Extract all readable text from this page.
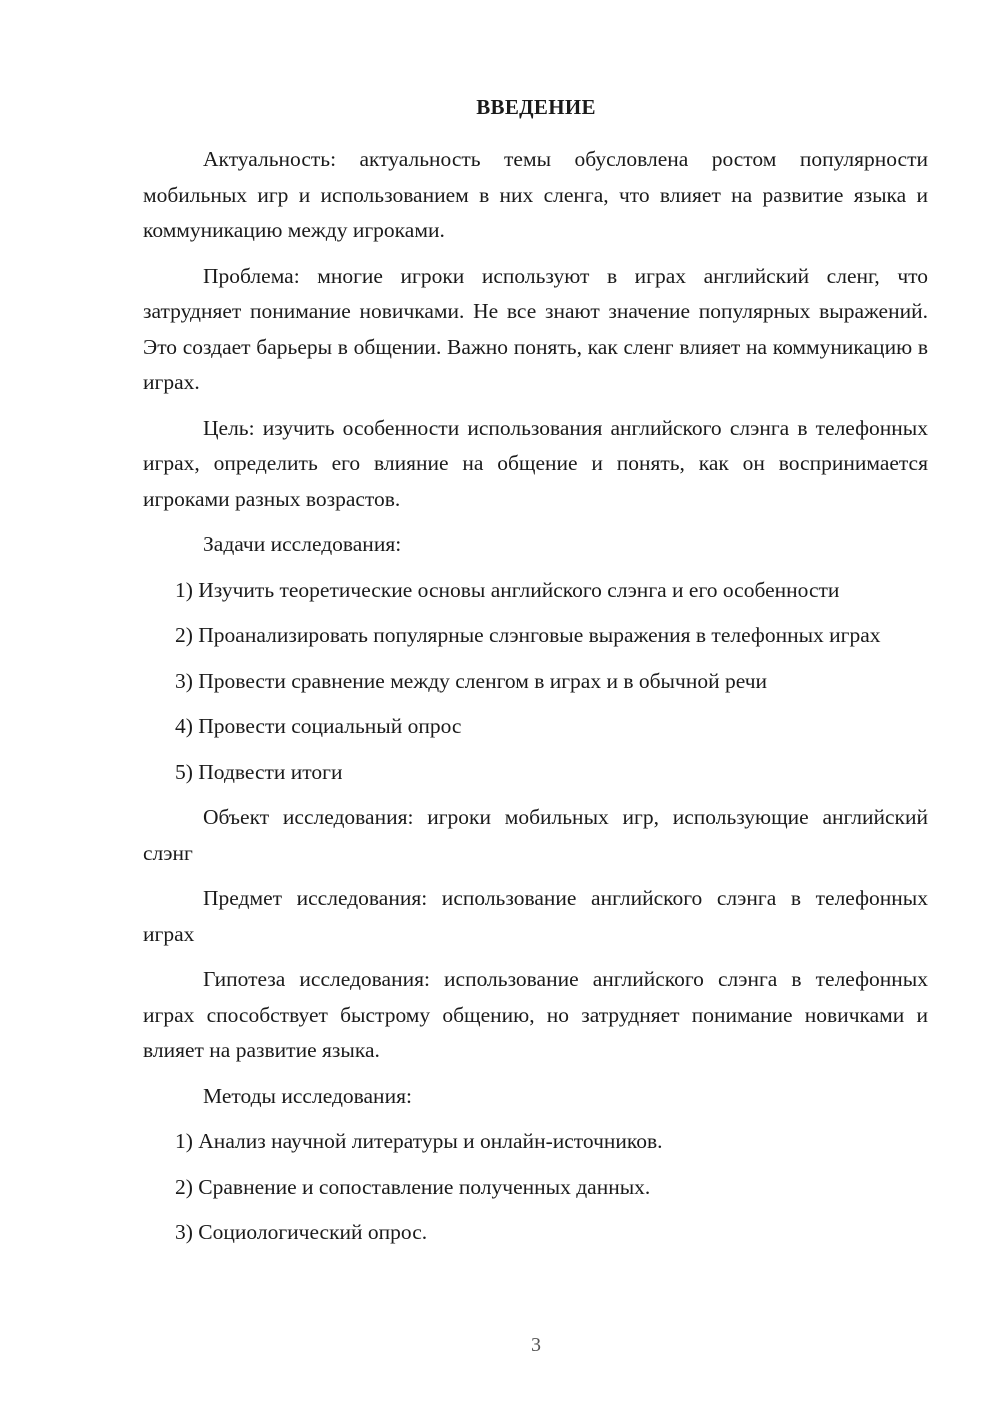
ВВЕДЕНИЕ

Актуальность: актуальность темы обусловлена ростом популярности мобильных игр и использованием в них сленга, что влияет на развитие языка и коммуникацию между игроками.

Проблема: многие игроки используют в играх английский сленг, что затрудняет понимание новичками. Не все знают значение популярных выражений. Это создает барьеры в общении. Важно понять, как сленг влияет на коммуникацию в играх.

Цель: изучить особенности использования английского слэнга в телефонных играх, определить его влияние на общение и понять, как он воспринимается игроками разных возрастов.

Задачи исследования:

1) Изучить теоретические основы английского слэнга и его особенности

2) Проанализировать популярные слэнговые выражения в телефонных играх

3) Провести сравнение между сленгом в играх и в обычной речи

4) Провести социальный опрос

5) Подвести итоги

Объект исследования: игроки мобильных игр, использующие английский слэнг

Предмет исследования: использование английского слэнга в телефонных играх

Гипотеза исследования: использование английского слэнга в телефонных играх способствует быстрому общению, но затрудняет понимание новичками и влияет на развитие языка.

Методы исследования:

1) Анализ научной литературы и онлайн-источников.

2) Сравнение и сопоставление полученных данных.

3) Социологический опрос.

3
